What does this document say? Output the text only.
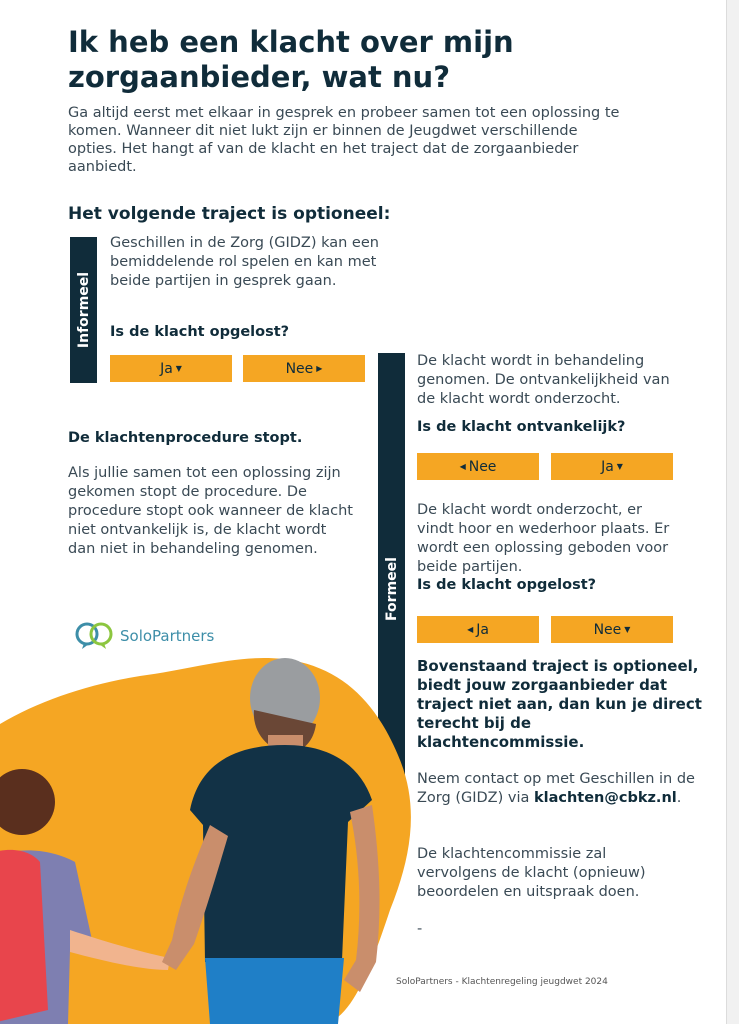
Ik heb een klacht over mijn zorgaanbieder, wat nu?

Ga altijd eerst met elkaar in gesprek en probeer samen tot een oplossing te komen. Wanneer dit niet lukt zijn er binnen de Jeugdwet verschillende opties. Het hangt af van de klacht en het traject dat de zorgaanbieder aanbiedt.

Het volgende traject is optioneel:
Informeel

Geschillen in de Zorg (GIDZ) kan een bemiddelende rol spelen en kan met beide partijen in gesprek gaan.

Is de klacht opgelost?

Ja ▼	Nee ▶

De klachtenprocedure stopt.

Als jullie samen tot een oplossing zijn gekomen stopt de procedure. De procedure stopt ook wanneer de klacht niet ontvankelijk is, de klacht wordt dan niet in behandeling genomen.

Formeel

De klacht wordt in behandeling genomen. De ontvankelijkheid van de klacht wordt onderzocht.

Is de klacht ontvankelijk?

◀ Nee	Ja ▼

De klacht wordt onderzocht, er vindt hoor en wederhoor plaats. Er wordt een oplossing geboden voor beide partijen.

Is de klacht opgelost?

◀ Ja	Nee ▼

Bovenstaand traject is optioneel, biedt jouw zorgaanbieder dat traject niet aan, dan kun je direct terecht bij de klachtencommissie.

Neem contact op met Geschillen in de Zorg (GIDZ) via klachten@cbkz.nl.

De klachtencommissie zal vervolgens de klacht (opnieuw) beoordelen en uitspraak doen.

-

SoloPartners
SoloPartners - Klachtenregeling jeugdwet 2024
